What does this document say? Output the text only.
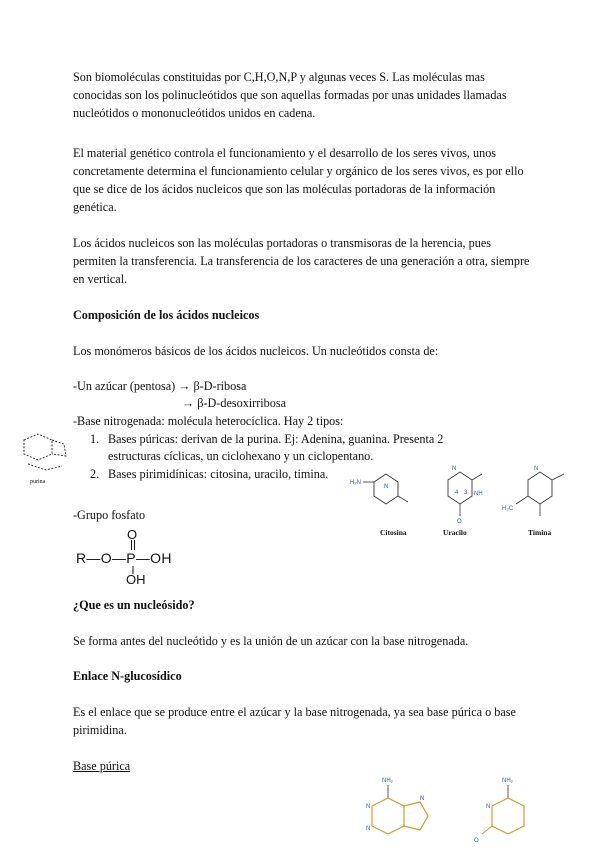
Son biomoléculas constituidas por C,H,O,N,P y algunas veces S. Las moléculas mas conocidas son los polinucleótidos que son aquellas formadas por unas unidades llamadas nucleótidos o mononucleótidos unidos en cadena.

El material genético controla el funcionamiento y el desarrollo de los seres vivos, unos concretamente determina el funcionamiento celular y orgánico de los seres vivos, es por ello que se dice de los ácidos nucleicos que son las moléculas portadoras de la información genética.

Los ácidos nucleicos son las moléculas portadoras o transmisoras de la herencia, pues permiten la transferencia. La transferencia de los caracteres de una generación a otra, siempre en vertical.

Composición de los ácidos nucleicos

Los monómeros básicos de los ácidos nucleicos. Un nucleótidos consta de:

-Un azúcar (pentosa) → β-D-ribosa

→ β-D-desoxirribosa

-Base nitrogenada: molécula heterocíclica. Hay 2 tipos:

1. Bases púricas: derivan de la purina. Ej: Adenina, guanina. Presenta 2

estructuras cíclicas, un ciclohexano y un ciclopentano.

2. Bases pirimidínicas: citosina, uracilo, timina.

purina	H₂N
N
N
4 3 NH
O
N
H₃C
Citosina	Uracilo	Timina

-Grupo fosfato

O
R—O—P—OH
OH

¿Que es un nucleósido?

Se forma antes del nucleótido y es la unión de un azúcar con la base nitrogenada.

Enlace N-glucosídico

Es el enlace que se produce entre el azúcar y la base nitrogenada, ya sea base púrica o base pirimidina.

Base púrica

NH₂
N
N
N
NH₂
N
O
